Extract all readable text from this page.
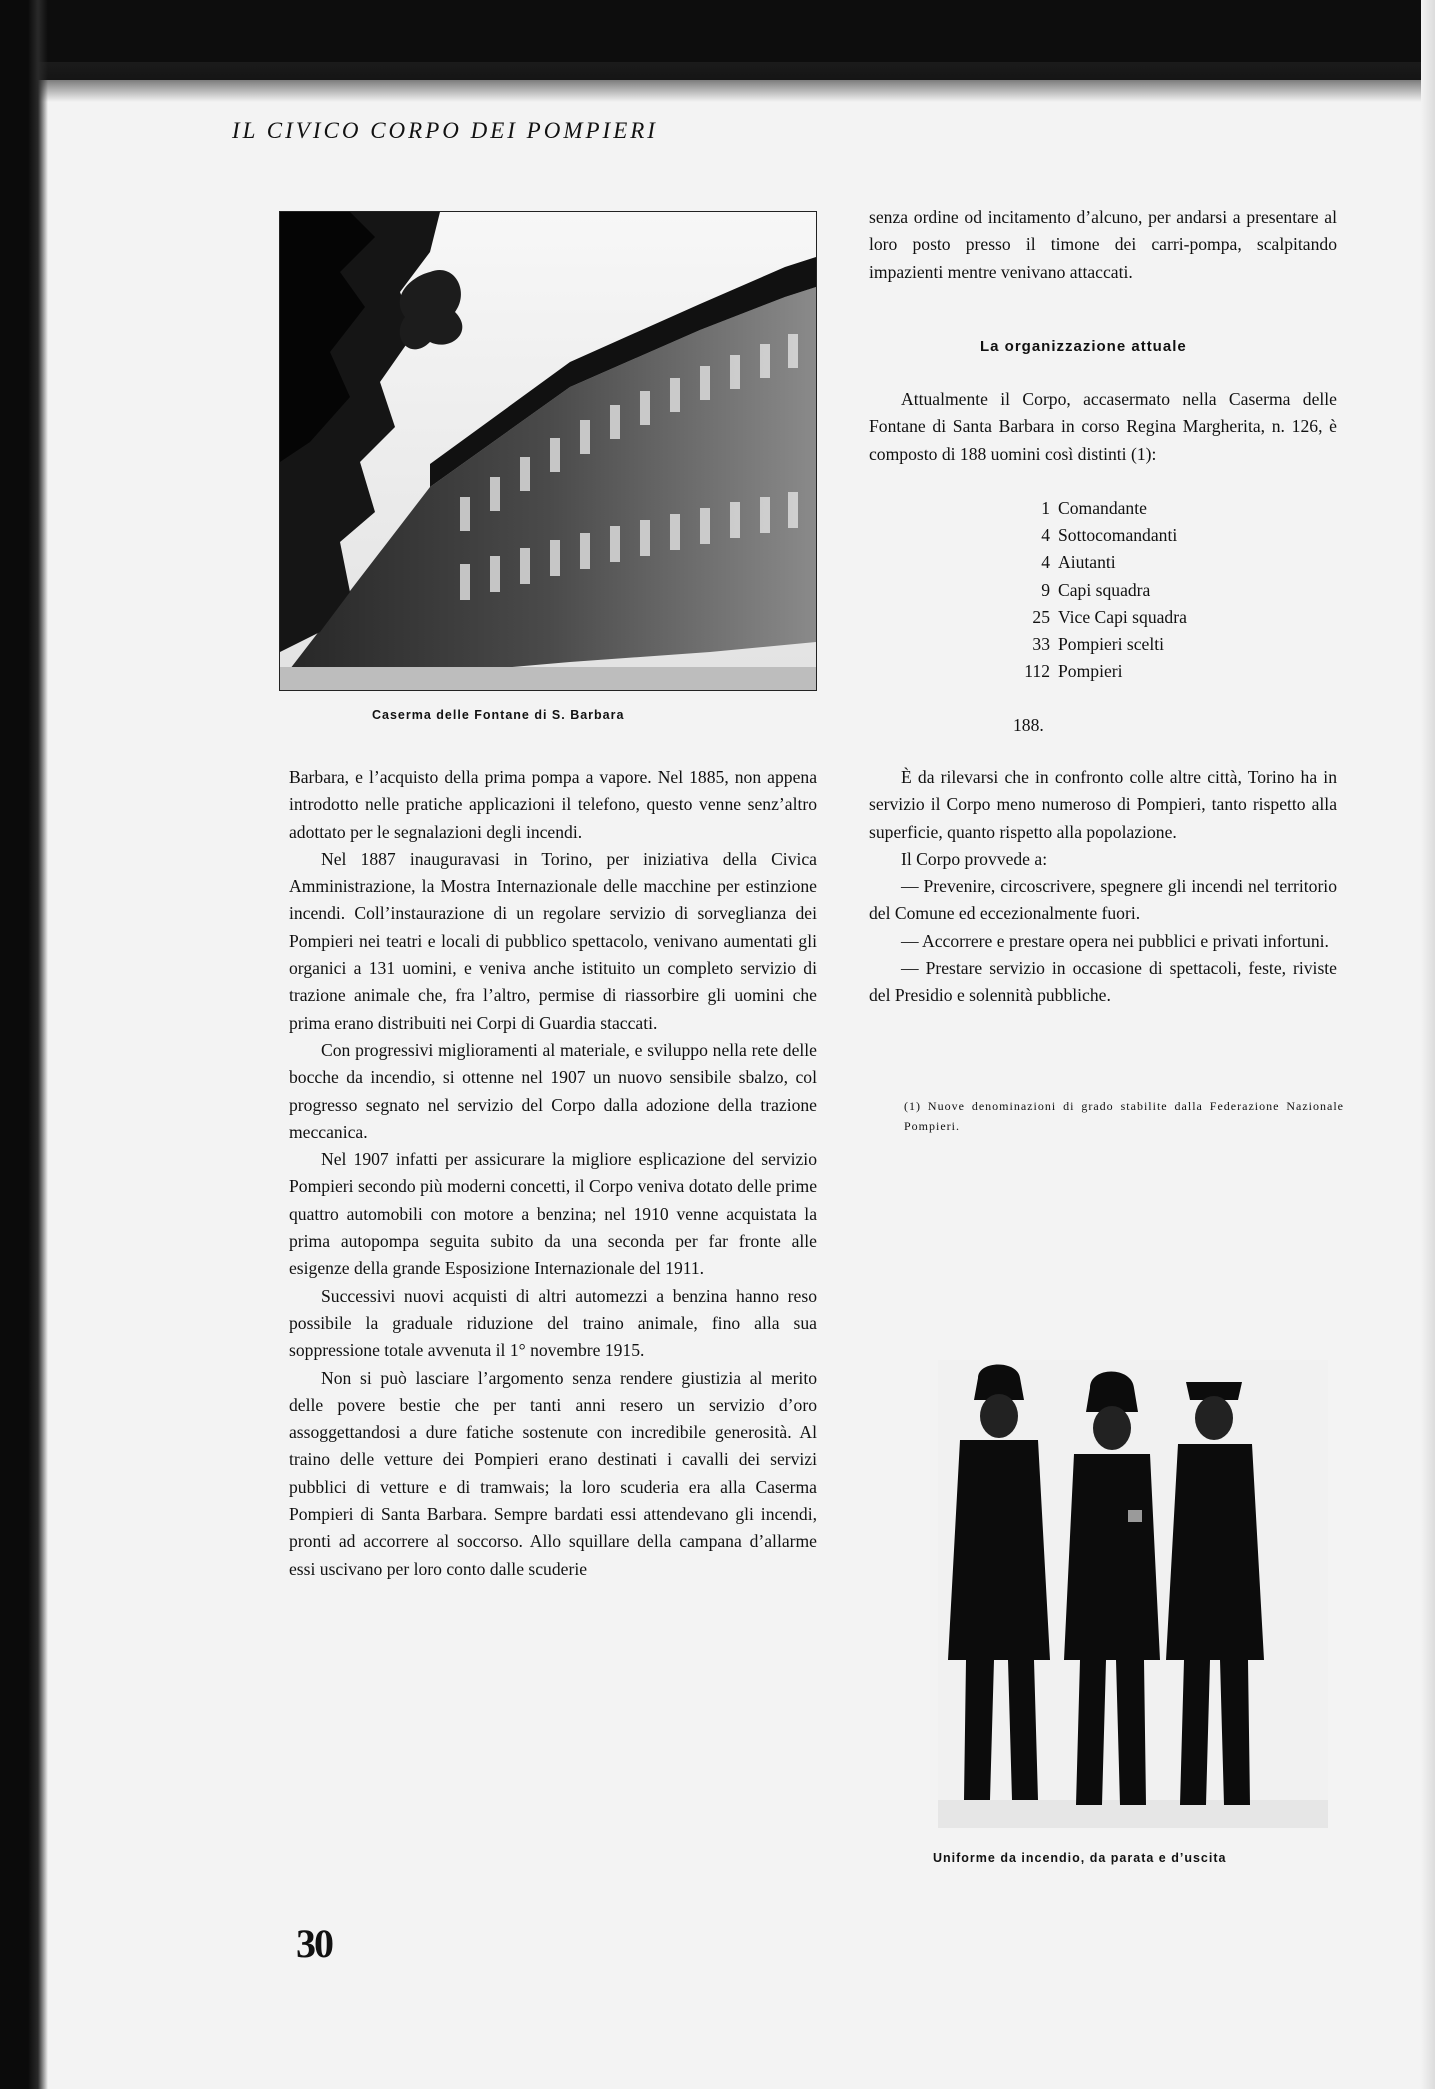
IL CIVICO CORPO DEI POMPIERI
Caserma delle Fontane di S. Barbara

senza ordine od incitamento d’alcuno, per andarsi a presentare al loro posto presso il timone dei carri-pompa, scalpitando impazienti mentre venivano attaccati.

La organizzazione attuale

Attualmente il Corpo, accasermato nella Caserma delle Fontane di Santa Barbara in corso Regina Margherita, n. 126, è composto di 188 uomini così distinti (1):

1 Comandante
4 Sottocomandanti
4 Aiutanti
9 Capi squadra
25 Vice Capi squadra
33 Pompieri scelti
112 Pompieri
188.

Barbara, e l’acquisto della prima pompa a vapore. Nel 1885, non appena introdotto nelle pratiche applicazioni il telefono, questo venne senz’altro adottato per le segnalazioni degli incendi.

Nel 1887 inauguravasi in Torino, per iniziativa della Civica Amministrazione, la Mostra Internazionale delle macchine per estinzione incendi. Coll’instaurazione di un regolare servizio di sorveglianza dei Pompieri nei teatri e locali di pubblico spettacolo, venivano aumentati gli organici a 131 uomini, e veniva anche istituito un completo servizio di trazione animale che, fra l’altro, permise di riassorbire gli uomini che prima erano distribuiti nei Corpi di Guardia staccati.

Con progressivi miglioramenti al materiale, e sviluppo nella rete delle bocche da incendio, si ottenne nel 1907 un nuovo sensibile sbalzo, col progresso segnato nel servizio del Corpo dalla adozione della trazione meccanica.

Nel 1907 infatti per assicurare la migliore esplicazione del servizio Pompieri secondo più moderni concetti, il Corpo veniva dotato delle prime quattro automobili con motore a benzina; nel 1910 venne acquistata la prima autopompa seguita subito da una seconda per far fronte alle esigenze della grande Esposizione Internazionale del 1911.

Successivi nuovi acquisti di altri automezzi a benzina hanno reso possibile la graduale riduzione del traino animale, fino alla sua soppressione totale avvenuta il 1° novembre 1915.

Non si può lasciare l’argomento senza rendere giustizia al merito delle povere bestie che per tanti anni resero un servizio d’oro assoggettandosi a dure fatiche sostenute con incredibile generosità. Al traino delle vetture dei Pompieri erano destinati i cavalli dei servizi pubblici di vetture e di tramwais; la loro scuderia era alla Caserma Pompieri di Santa Barbara. Sempre bardati essi attendevano gli incendi, pronti ad accorrere al soccorso. Allo squillare della campana d’allarme essi uscivano per loro conto dalle scuderie

È da rilevarsi che in confronto colle altre città, Torino ha in servizio il Corpo meno numeroso di Pompieri, tanto rispetto alla superficie, quanto rispetto alla popolazione.

Il Corpo provvede a:

— Prevenire, circoscrivere, spegnere gli incendi nel territorio del Comune ed eccezionalmente fuori.

— Accorrere e prestare opera nei pubblici e privati infortuni.

— Prestare servizio in occasione di spettacoli, feste, riviste del Presidio e solennità pubbliche.

(1) Nuove denominazioni di grado stabilite dalla Federazione Nazionale Pompieri.
Uniforme da incendio, da parata e d’uscita
30
